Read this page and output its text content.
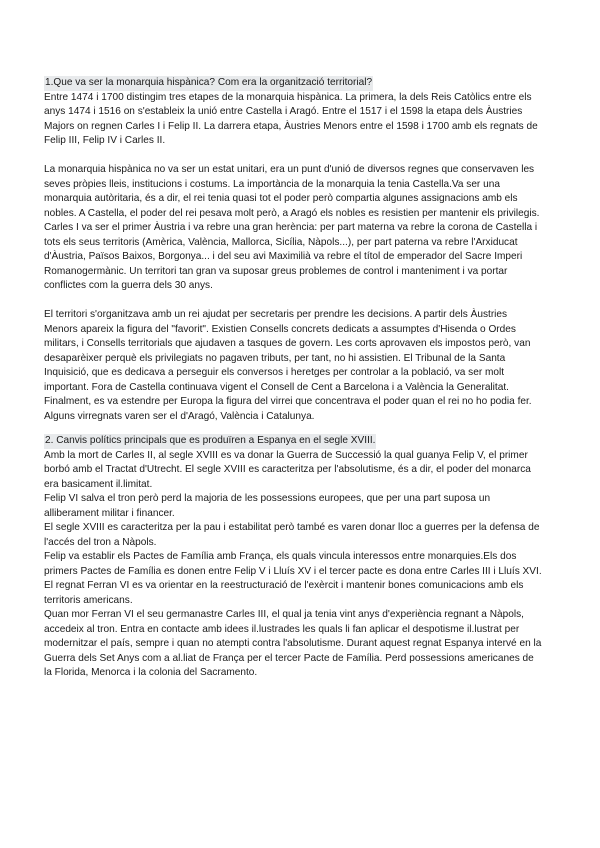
1.Que va ser la monarquia hispànica? Com era la organització territorial?

Entre 1474 i 1700 distingim tres etapes de la monarquia hispànica. La primera, la dels Reis Catòlics entre els anys 1474 i 1516 on s'estableix la unió entre Castella i Aragó. Entre el 1517 i el 1598 la etapa dels Àustries Majors on regnen Carles I i Felip II. La darrera etapa, Àustries Menors entre el 1598 i 1700 amb els regnats de Felip III, Felip IV i Carles II.

La monarquia hispànica no va ser un estat unitari, era un punt d'unió de diversos regnes que conservaven les seves pròpies lleis, institucions i costums. La importància de la monarquia la tenia Castella.Va ser una monarquia autòritaria, és a dir, el rei tenia quasi tot el poder però compartia algunes assignacions amb els nobles. A Castella, el poder del rei pesava molt però, a Aragó els nobles es resistien per mantenir els privilegis. Carles I va ser el primer Àustria i va rebre una gran herència: per part materna va rebre la corona de Castella i tots els seus territoris (Amèrica, València, Mallorca, Sicília, Nàpols...), per part paterna va rebre l'Arxiducat d'Àustria, Països Baixos, Borgonya... i del seu avi Maximilià va rebre el títol de emperador del Sacre Imperi Romanogermànic. Un territori tan gran va suposar greus problemes de control i manteniment i va portar conflictes com la guerra dels 30 anys.

El territori s'organitzava amb un rei ajudat per secretaris per prendre les decisions. A partir dels Àustries Menors apareix la figura del "favorit". Existien Consells concrets dedicats a assumptes d'Hisenda o Ordes militars, i Consells territorials que ajudaven a tasques de govern. Les corts aprovaven els impostos però, van desaparèixer perquè els privilegiats no pagaven tributs, per tant, no hi assistien. El Tribunal de la Santa Inquisició, que es dedicava a perseguir els conversos i heretges per controlar a la població, va ser molt important. Fora de Castella continuava vigent el Consell de Cent a Barcelona i a València la Generalitat. Finalment, es va estendre per Europa la figura del virrei que concentrava el poder quan el rei no ho podia fer. Alguns virregnats varen ser el d'Aragó, València i Catalunya.

2. Canvis polítics principals que es produïren a Espanya en el segle XVIII.

Amb la mort de Carles II, al segle XVIII es va donar la Guerra de Successió la qual guanya Felip V, el primer borbó amb el Tractat d'Utrecht. El segle XVIII es caracteritza per l'absolutisme, és a dir, el poder del monarca era basicament il.limitat.

Felip VI salva el tron però perd la majoria de les possessions europees, que per una part suposa un alliberament militar i financer.

El segle XVIII es caracteritza per la pau i estabilitat però també es varen donar lloc a guerres per la defensa de l'accés del tron a Nàpols.

Felip va establir els Pactes de Família amb França, els quals vincula interessos entre monarquies.Els dos primers Pactes de Família es donen entre Felip V i Lluís XV i el tercer pacte es dona entre Carles III i Lluís XVI.

El regnat Ferran VI es va orientar en la reestructuració de l'exèrcit i mantenir bones comunicacions amb els territoris americans.

Quan mor Ferran VI el seu germanastre Carles III, el qual ja tenia vint anys d'experiència regnant a Nàpols, accedeix al tron. Entra en contacte amb idees il.lustrades les quals li fan aplicar el despotisme il.lustrat per modernitzar el país, sempre i quan no atempti contra l'absolutisme. Durant aquest regnat Espanya intervé en la Guerra dels Set Anys com a al.liat de França per el tercer Pacte de Família. Perd possessions americanes de la Florida, Menorca i la colonia del Sacramento.
